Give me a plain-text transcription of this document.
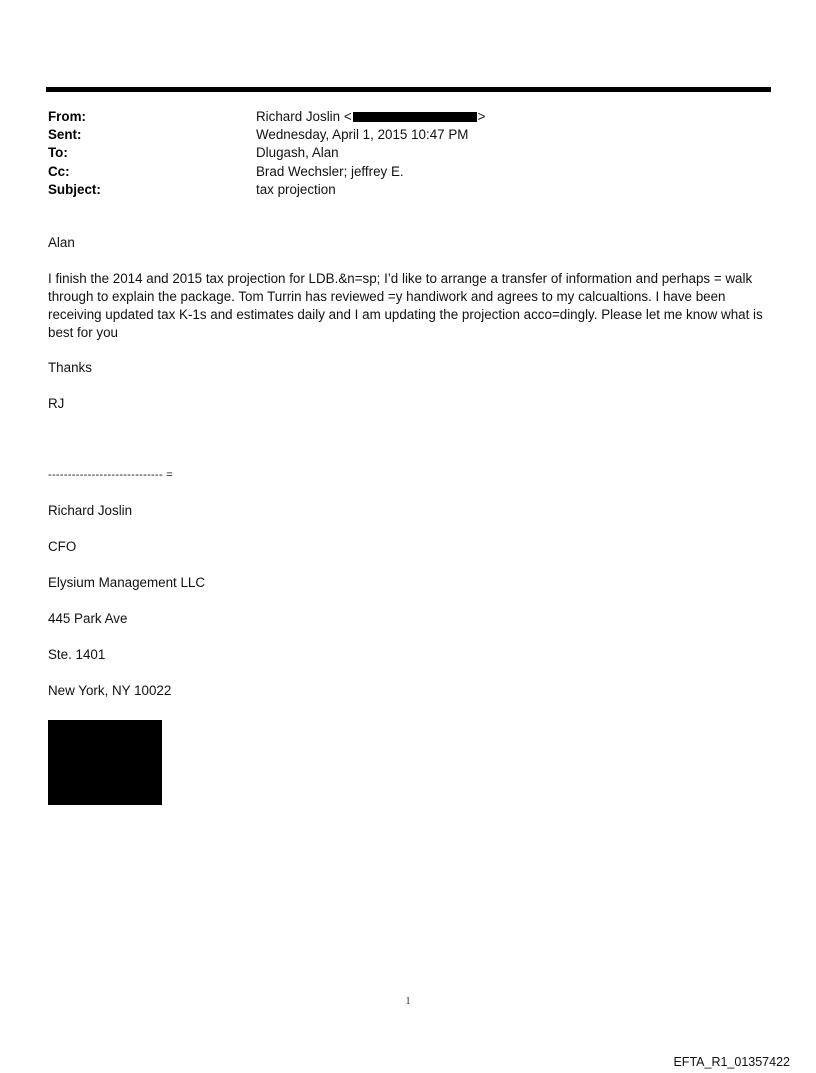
From:	Richard Joslin <	>
Sent:	Wednesday, April 1, 2015 10:47 PM
To:	Dlugash, Alan
Cc:	Brad Wechsler; jeffrey E.
Subject:	tax projection
Alan
I finish the 2014 and 2015 tax projection for LDB.&n=sp; I’d like to arrange a transfer of information and perhaps = walk through to explain the package. Tom Turrin has reviewed =y handiwork and agrees to my calcualtions. I have been receiving updated tax K-1s and estimates daily and I am updating the projection acco=dingly. Please let me know what is best for you
Thanks
RJ
----------------------------- =
Richard Joslin
CFO
Elysium Management LLC
445 Park Ave
Ste. 1401
New York, NY 10022
1
EFTA_R1_01357422
